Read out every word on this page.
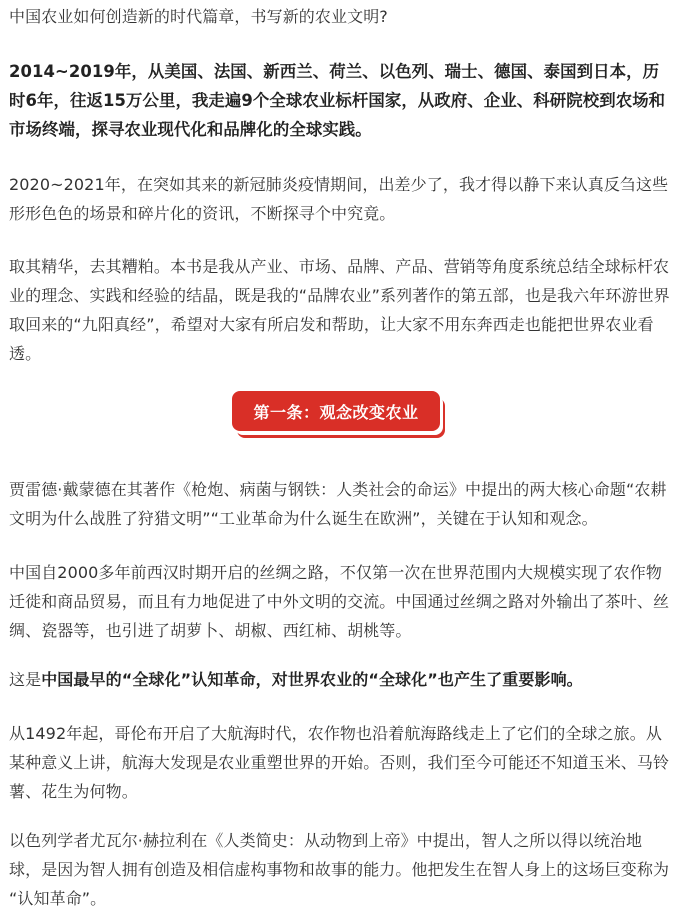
中国农业如何创造新的时代篇章，书写新的农业文明?

2014~2019年，从美国、法国、新西兰、荷兰、以色列、瑞士、德国、泰国到日本，历时6年，往返15万公里，我走遍9个全球农业标杆国家，从政府、企业、科研院校到农场和市场终端，探寻农业现代化和品牌化的全球实践。

2020~2021年，在突如其来的新冠肺炎疫情期间，出差少了，我才得以静下来认真反刍这些形形色色的场景和碎片化的资讯，不断探寻个中究竟。

取其精华，去其糟粕。本书是我从产业、市场、品牌、产品、营销等角度系统总结全球标杆农业的理念、实践和经验的结晶，既是我的“品牌农业”系列著作的第五部，也是我六年环游世界取回来的“九阳真经”，希望对大家有所启发和帮助，让大家不用东奔西走也能把世界农业看透。

第一条：观念改变农业

贾雷德·戴蒙德在其著作《枪炮、病菌与钢铁：人类社会的命运》中提出的两大核心命题“农耕文明为什么战胜了狩猎文明”“工业革命为什么诞生在欧洲”，关键在于认知和观念。

中国自2000多年前西汉时期开启的丝绸之路，不仅第一次在世界范围内大规模实现了农作物迁徙和商品贸易，而且有力地促进了中外文明的交流。中国通过丝绸之路对外输出了茶叶、丝绸、瓷器等，也引进了胡萝卜、胡椒、西红柿、胡桃等。

这是中国最早的“全球化”认知革命，对世界农业的“全球化”也产生了重要影响。

从1492年起，哥伦布开启了大航海时代，农作物也沿着航海路线走上了它们的全球之旅。从某种意义上讲，航海大发现是农业重塑世界的开始。否则，我们至今可能还不知道玉米、马铃薯、花生为何物。

以色列学者尤瓦尔·赫拉利在《人类简史：从动物到上帝》中提出，智人之所以得以统治地球，是因为智人拥有创造及相信虚构事物和故事的能力。他把发生在智人身上的这场巨变称为 “认知革命”。
